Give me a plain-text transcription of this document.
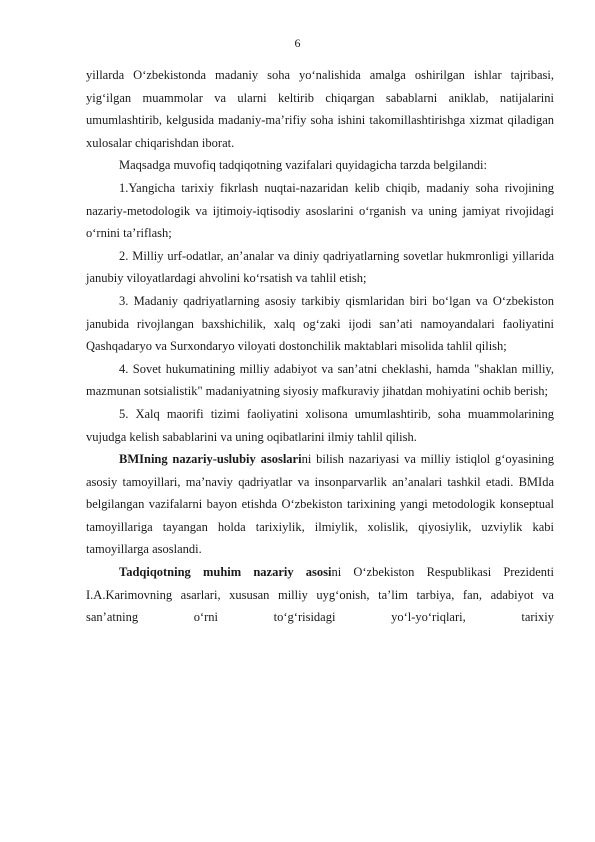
6

yillarda O‘zbekistonda madaniy soha yo‘nalishida amalga oshirilgan ishlar tajribasi, yig‘ilgan muammolar va ularni keltirib chiqargan sabablarni aniklab, natijalarini umumlashtirib, kelgusida madaniy-ma’rifiy soha ishini takomillashtirishga xizmat qiladigan xulosalar chiqarishdan iborat.

Maqsadga muvofiq tadqiqotning vazifalari quyidagicha tarzda belgilandi:

1.Yangicha tarixiy fikrlash nuqtai-nazaridan kelib chiqib, madaniy soha rivojining nazariy-metodologik va ijtimoiy-iqtisodiy asoslarini o‘rganish va uning jamiyat rivojidagi o‘rnini ta’riflash;

2. Milliy urf-odatlar, an’analar va diniy qadriyatlarning sovetlar hukmronligi yillarida janubiy viloyatlardagi ahvolini ko‘rsatish va tahlil etish;

3. Madaniy qadriyatlarning asosiy tarkibiy qismlaridan biri bo‘lgan va O‘zbekiston janubida rivojlangan baxshichilik, xalq og‘zaki ijodi san’ati namoyandalari faoliyatini Qashqadaryo va Surxondaryo viloyati dostonchilik maktablari misolida tahlil qilish;

4. Sovet hukumatining milliy adabiyot va san’atni cheklashi, hamda "shaklan milliy, mazmunan sotsialistik" madaniyatning siyosiy mafkuraviy jihatdan mohiyatini ochib berish;

5. Xalq maorifi tizimi faoliyatini xolisona umumlashtirib, soha muammolarining vujudga kelish sabablarini va uning oqibatlarini ilmiy tahlil qilish.

BMIning nazariy-uslubiy asoslarini bilish nazariyasi va milliy istiqlol g‘oyasining asosiy tamoyillari, ma’naviy qadriyatlar va insonparvarlik an’analari tashkil etadi. BMIda belgilangan vazifalarni bayon etishda O‘zbekiston tarixining yangi metodologik konseptual tamoyillariga tayangan holda tarixiylik, ilmiylik, xolislik, qiyosiylik, uzviylik kabi tamoyillarga asoslandi.

Tadqiqotning muhim nazariy asosini O‘zbekiston Respublikasi Prezidenti I.A.Karimovning asarlari, xususan milliy uyg‘onish, ta’lim tarbiya, fan, adabiyot va san’atning o‘rni to‘g‘risidagi yo‘l-yo‘riqlari, tarixiy
